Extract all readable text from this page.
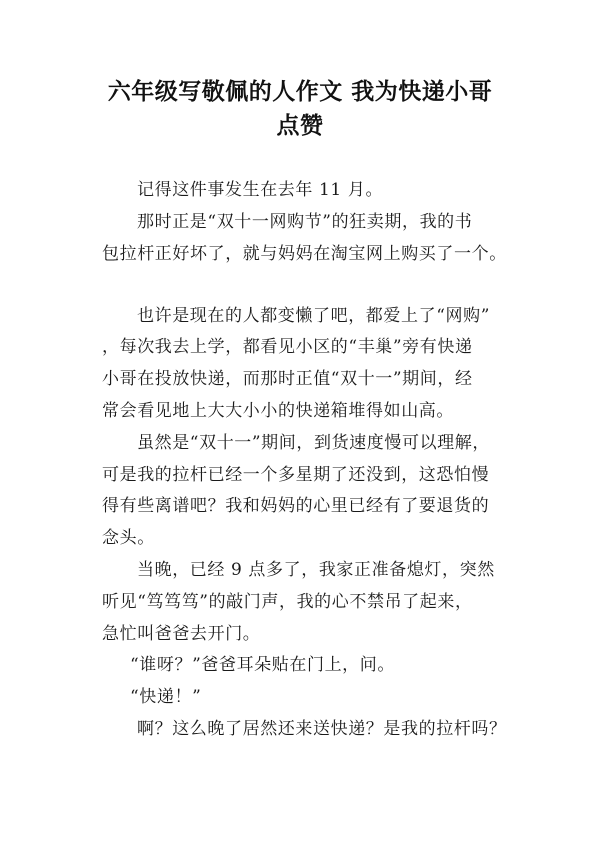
六年级写敬佩的人作文 我为快递小哥
点赞
记得这件事发生在去年 11 月。
那时正是“双十一网购节”的狂卖期，我的书
包拉杆正好坏了，就与妈妈在淘宝网上购买了一个。
也许是现在的人都变懒了吧，都爱上了“网购”
，每次我去上学，都看见小区的“丰巢”旁有快递
小哥在投放快递，而那时正值“双十一”期间，经
常会看见地上大大小小的快递箱堆得如山高。
虽然是“双十一”期间，到货速度慢可以理解，
可是我的拉杆已经一个多星期了还没到，这恐怕慢
得有些离谱吧？我和妈妈的心里已经有了要退货的
念头。
当晚，已经 9 点多了，我家正准备熄灯，突然
听见“笃笃笃”的敲门声，我的心不禁吊了起来，
急忙叫爸爸去开门。
“谁呀？”爸爸耳朵贴在门上，问。
“快递！”
啊？这么晚了居然还来送快递？是我的拉杆吗？
